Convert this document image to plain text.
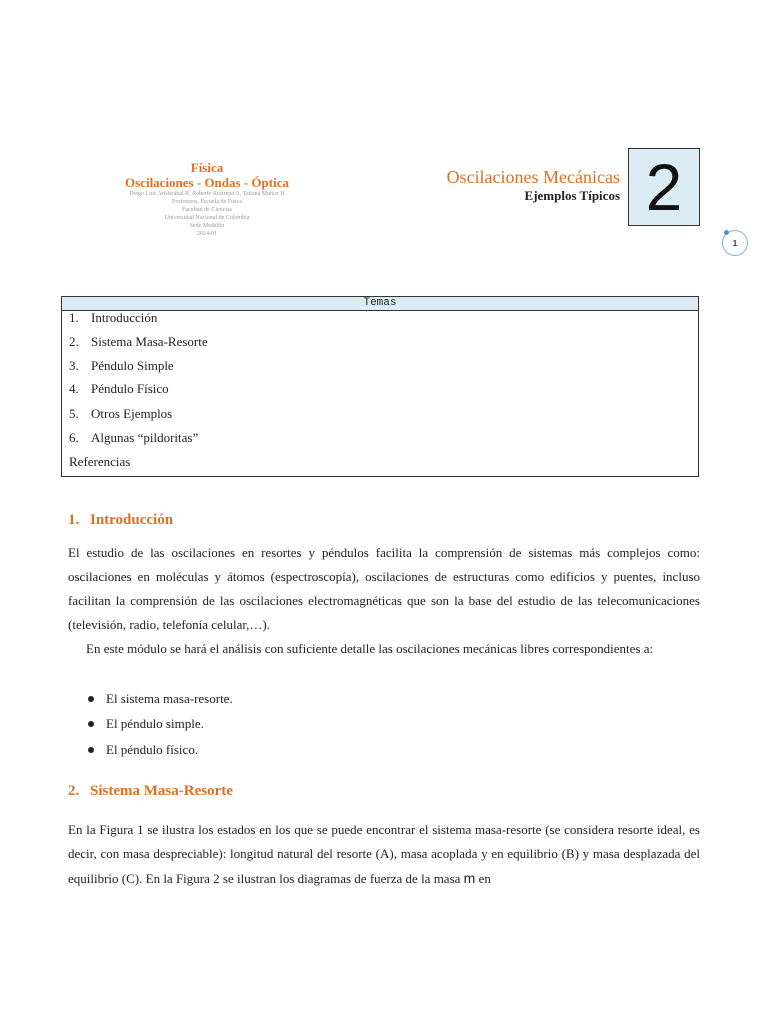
Física
Oscilaciones - Ondas - Óptica
Diego Luis Aristizábal R, Roberto Restrepo A, Tatiana Muñoz H
Profesores, Escuela de Física
Facultad de Ciencias
Universidad Nacional de Colombia
Sede Medellín
2024-01
Oscilaciones Mecánicas
Ejemplos Típicos 2
1
Temas
1. Introducción
2. Sistema Masa-Resorte
3. Péndulo Simple
4. Péndulo Físico
5. Otros Ejemplos
6. Algunas “pildoritas”
Referencias
1. Introducción

El estudio de las oscilaciones en resortes y péndulos facilita la comprensión de sistemas más complejos como: oscilaciones en moléculas y átomos (espectroscopía), oscilaciones de estructuras como edificios y puentes, incluso facilitan la comprensión de las oscilaciones electromagnéticas que son la base del estudio de las telecomunicaciones (televisión, radio, telefonía celular,…).

En este módulo se hará el análisis con suficiente detalle las oscilaciones mecánicas libres correspondientes a:

El sistema masa-resorte.
El péndulo simple.
El péndulo físico.
2. Sistema Masa-Resorte

En la Figura 1 se ilustra los estados en los que se puede encontrar el sistema masa-resorte (se considera resorte ideal, es decir, con masa despreciable): longitud natural del resorte (A), masa acoplada y en equilibrio (B) y masa desplazada del equilibrio (C). En la Figura 2 se ilustran los diagramas de fuerza de la masa m en
